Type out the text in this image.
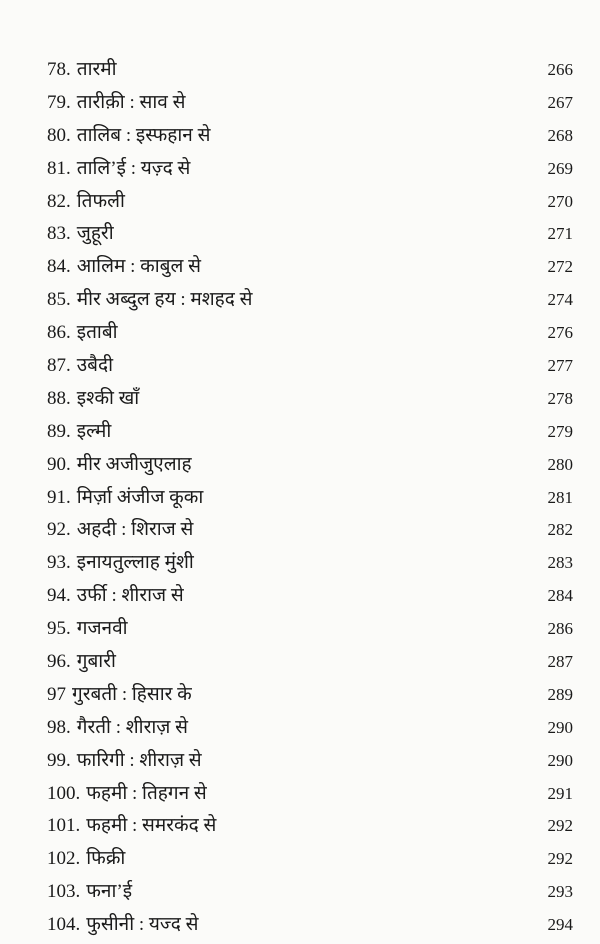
78. तारमी	266
79. तारीक़ी : साव से	267
80. तालिब : इस्फहान से	268
81. तालि’ई : यज़्द से	269
82. तिफली	270
83. जुहूरी	271
84. आलिम : काबुल से	272
85. मीर अब्दुल हय : मशहद से	274
86. इताबी	276
87. उबैदी	277
88. इश्की खाँ	278
89. इल्मी	279
90. मीर अजीजुएलाह	280
91. मिर्ज़ा अंजीज कूका	281
92. अहदी : शिराज से	282
93. इनायतुल्लाह मुंशी	283
94. उर्फी : शीराज से	284
95. गजनवी	286
96. गुबारी	287
97 गुरबती : हिसार के	289
98. गैरती : शीराज़ से	290
99. फारिगी : शीराज़ से	290
100. फहमी : तिहगन से	291
101. फहमी : समरकंद से	292
102. फिक्री	292
103. फना’ई	293
104. फुसीनी : यज्द से	294
